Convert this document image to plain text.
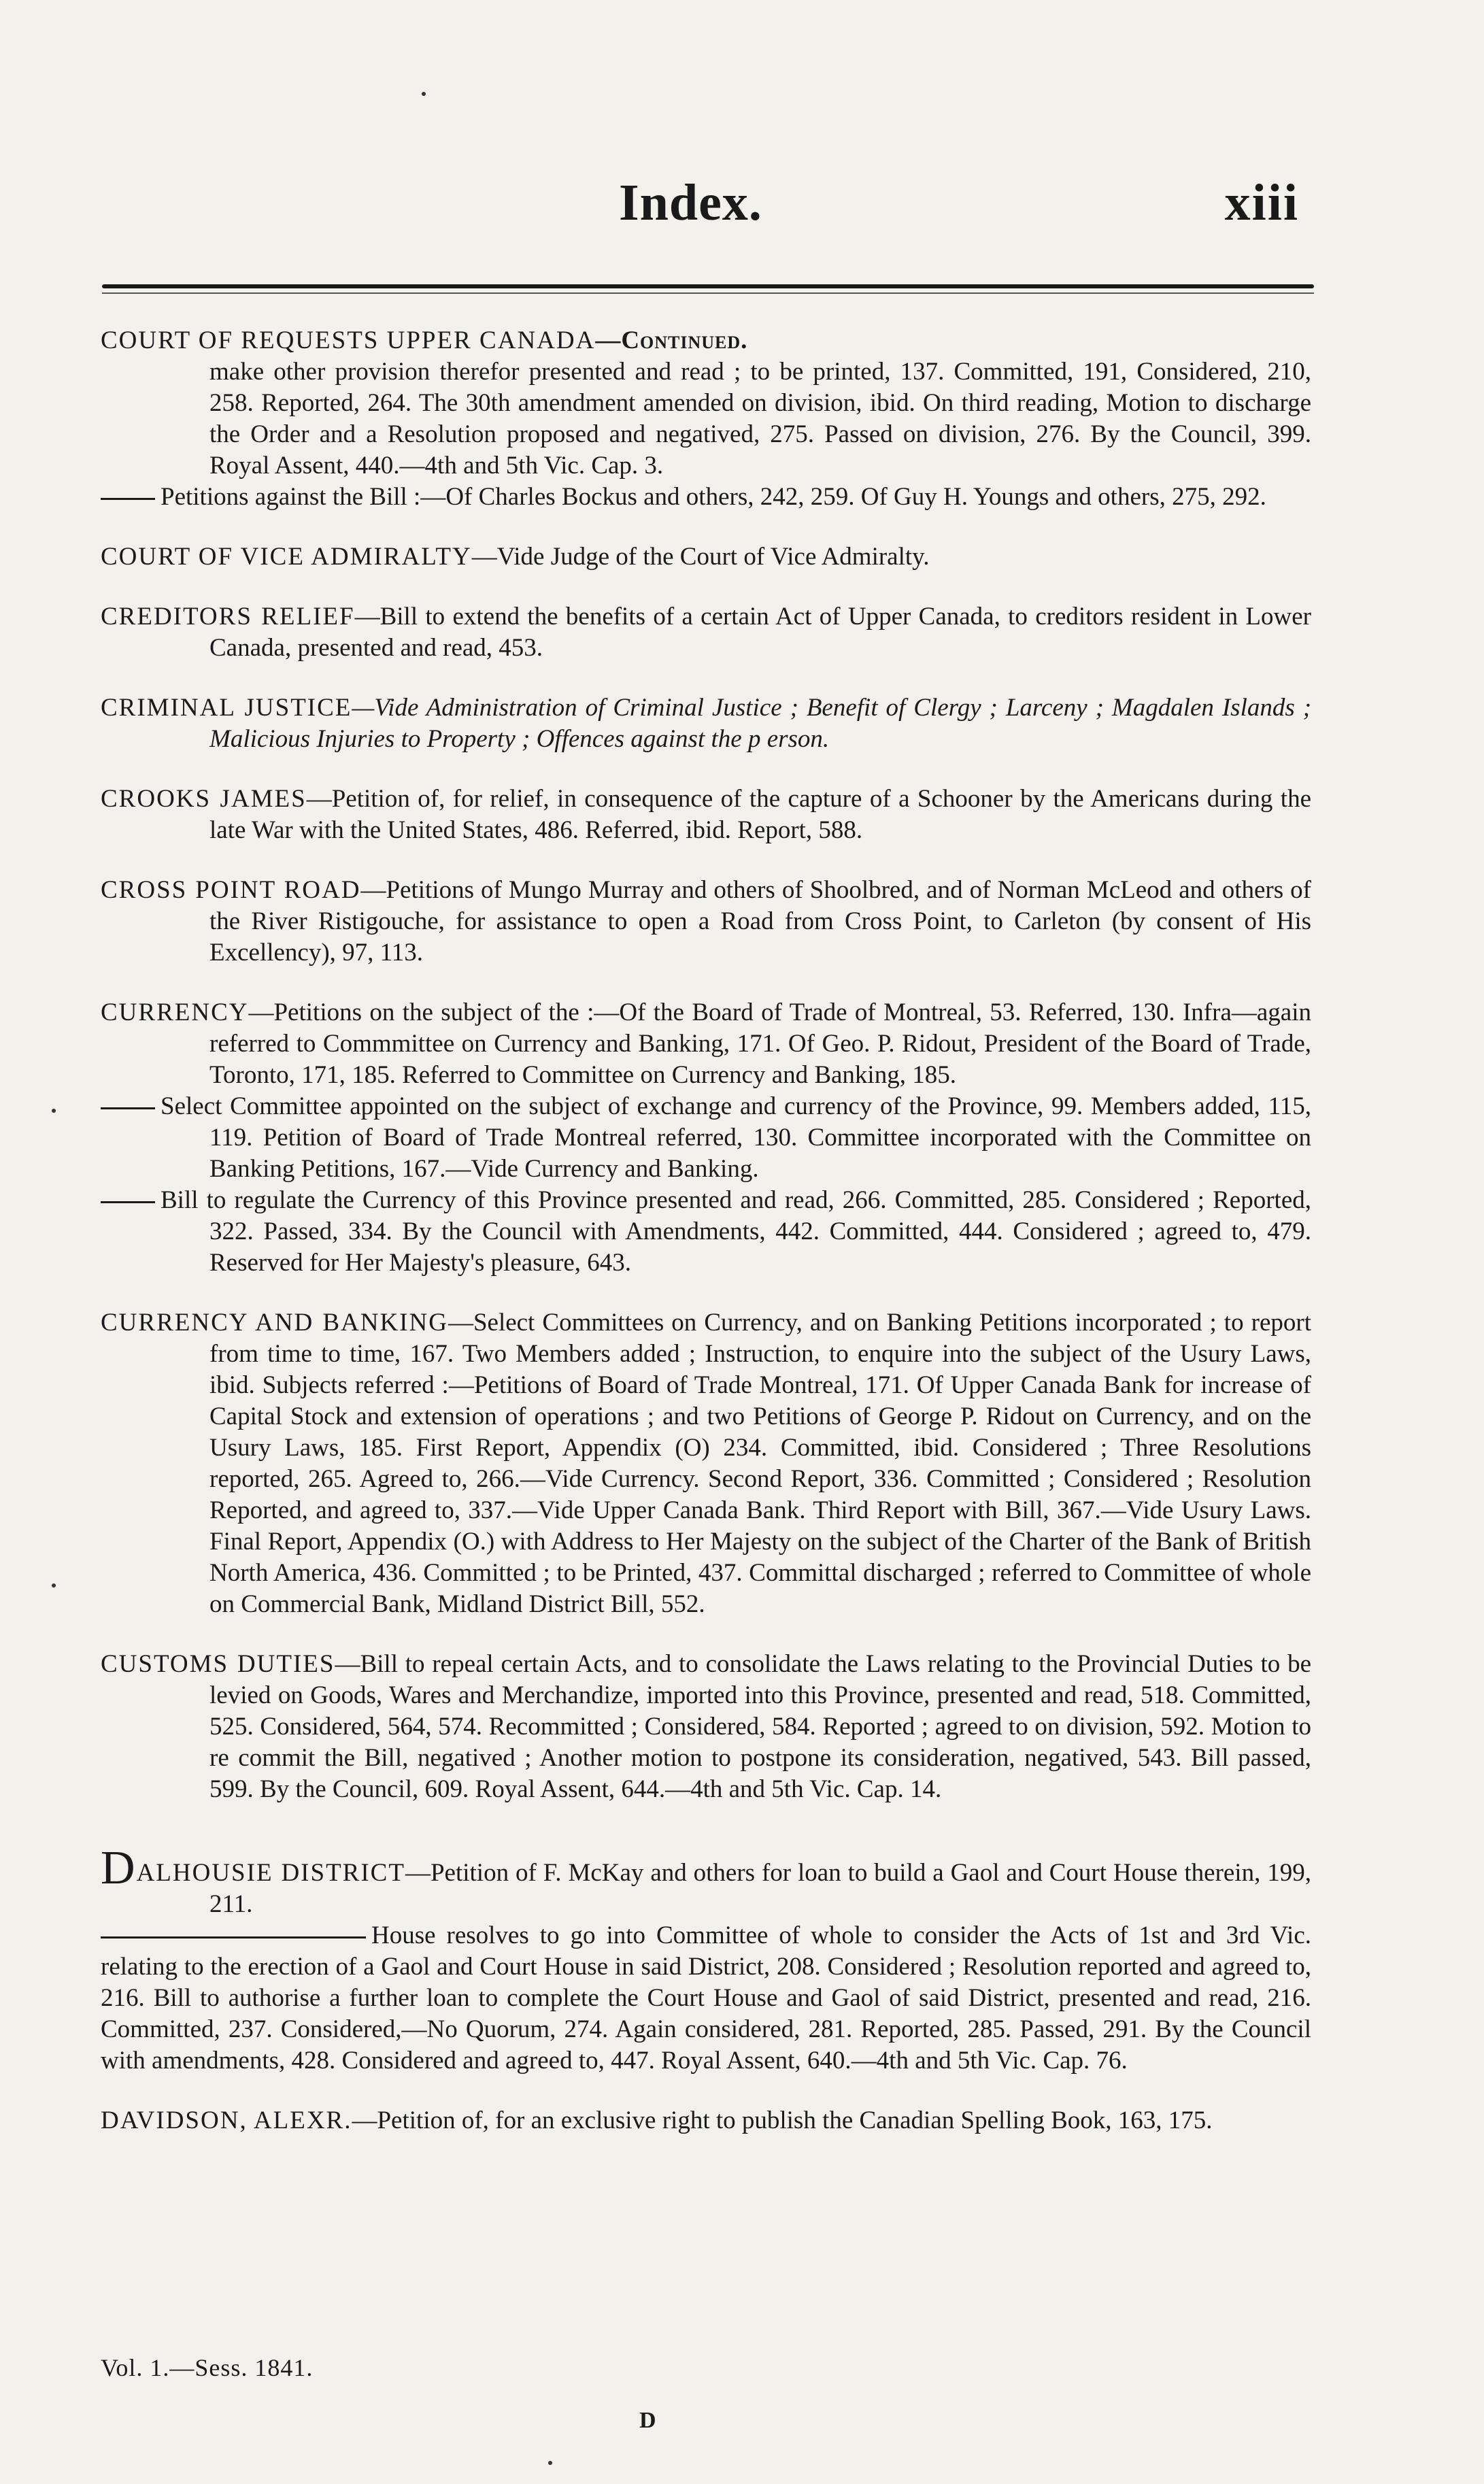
Index.	xiii
COURT OF REQUESTS UPPER CANADA—Continued.
make other provision therefor presented and read ; to be printed, 137. Committed, 191, Considered, 210, 258. Reported, 264. The 30th amendment amended on division, ibid. On third reading, Motion to discharge the Order and a Resolution proposed and negatived, 275. Passed on division, 276. By the Council, 399. Royal Assent, 440.—4th and 5th Vic. Cap. 3.
Petitions against the Bill :—Of Charles Bockus and others, 242, 259. Of Guy H. Youngs and others, 275, 292.
COURT OF VICE ADMIRALTY—Vide Judge of the Court of Vice Admiralty.
CREDITORS RELIEF—Bill to extend the benefits of a certain Act of Upper Canada, to creditors resident in Lower Canada, presented and read, 453.
CRIMINAL JUSTICE—Vide Administration of Criminal Justice ; Benefit of Clergy ; Larceny ; Magdalen Islands ; Malicious Injuries to Property ; Offences against the p erson.
CROOKS JAMES—Petition of, for relief, in consequence of the capture of a Schooner by the Americans during the late War with the United States, 486. Referred, ibid. Report, 588.
CROSS POINT ROAD—Petitions of Mungo Murray and others of Shoolbred, and of Norman McLeod and others of the River Ristigouche, for assistance to open a Road from Cross Point, to Carleton (by consent of His Excellency), 97, 113.
CURRENCY—Petitions on the subject of the :—Of the Board of Trade of Montreal, 53. Referred, 130. Infra—again referred to Commmittee on Currency and Banking, 171. Of Geo. P. Ridout, President of the Board of Trade, Toronto, 171, 185. Referred to Committee on Currency and Banking, 185.
Select Committee appointed on the subject of exchange and currency of the Province, 99. Members added, 115, 119. Petition of Board of Trade Montreal referred, 130. Committee incorporated with the Committee on Banking Petitions, 167.—Vide Currency and Banking.
Bill to regulate the Currency of this Province presented and read, 266. Committed, 285. Considered ; Reported, 322. Passed, 334. By the Council with Amendments, 442. Committed, 444. Considered ; agreed to, 479. Reserved for Her Majesty's pleasure, 643.
CURRENCY AND BANKING—Select Committees on Currency, and on Banking Petitions incorporated ; to report from time to time, 167. Two Members added ; Instruction, to enquire into the subject of the Usury Laws, ibid. Subjects referred :—Petitions of Board of Trade Montreal, 171. Of Upper Canada Bank for increase of Capital Stock and extension of operations ; and two Petitions of George P. Ridout on Currency, and on the Usury Laws, 185. First Report, Appendix (O) 234. Committed, ibid. Considered ; Three Resolutions reported, 265. Agreed to, 266.—Vide Currency. Second Report, 336. Committed ; Considered ; Resolution Reported, and agreed to, 337.—Vide Upper Canada Bank. Third Report with Bill, 367.—Vide Usury Laws. Final Report, Appendix (O.) with Address to Her Majesty on the subject of the Charter of the Bank of British North America, 436. Committed ; to be Printed, 437. Committal discharged ; referred to Committee of whole on Commercial Bank, Midland District Bill, 552.
CUSTOMS DUTIES—Bill to repeal certain Acts, and to consolidate the Laws relating to the Provincial Duties to be levied on Goods, Wares and Merchandize, imported into this Province, presented and read, 518. Committed, 525. Considered, 564, 574. Recommitted ; Considered, 584. Reported ; agreed to on division, 592. Motion to re commit the Bill, negatived ; Another motion to postpone its consideration, negatived, 543. Bill passed, 599. By the Council, 609. Royal Assent, 644.—4th and 5th Vic. Cap. 14.
DALHOUSIE DISTRICT—Petition of F. McKay and others for loan to build a Gaol and Court House therein, 199, 211.
House resolves to go into Committee of whole to consider the Acts of 1st and 3rd Vic. relating to the erection of a Gaol and Court House in said District, 208. Considered ; Resolution reported and agreed to, 216. Bill to authorise a further loan to complete the Court House and Gaol of said District, presented and read, 216. Committed, 237. Considered,—No Quorum, 274. Again considered, 281. Reported, 285. Passed, 291. By the Council with amendments, 428. Considered and agreed to, 447. Royal Assent, 640.—4th and 5th Vic. Cap. 76.
DAVIDSON, ALEXR.—Petition of, for an exclusive right to publish the Canadian Spelling Book, 163, 175.
Vol. 1.—Sess. 1841.
D
